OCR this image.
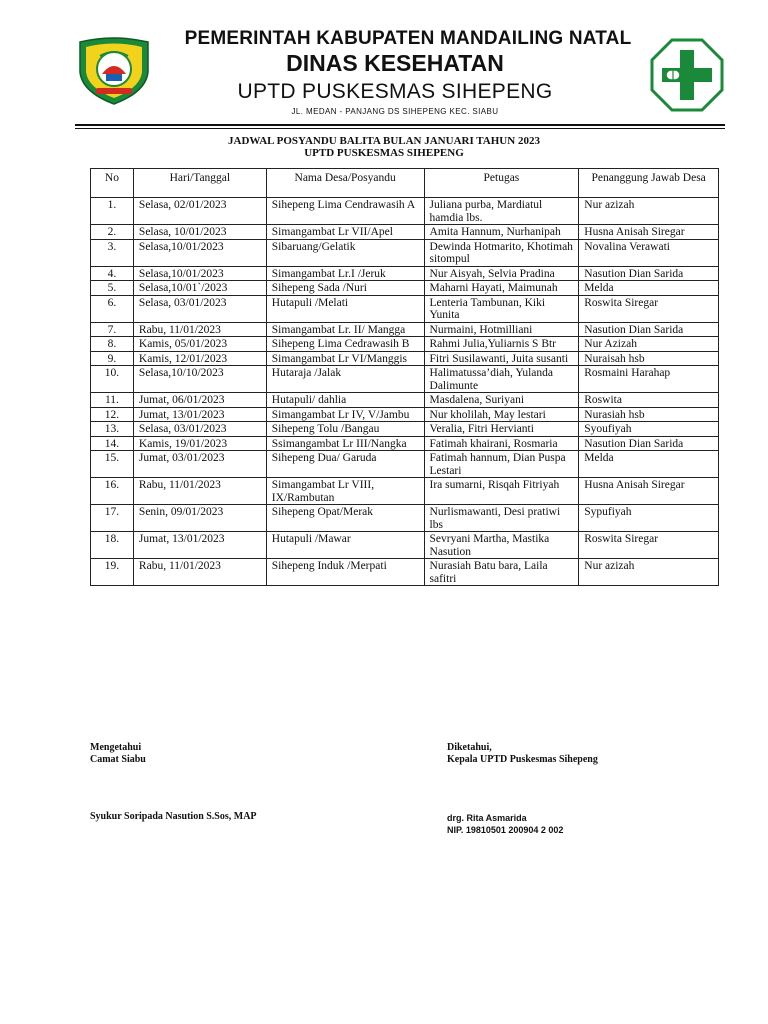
PEMERINTAH KABUPATEN MANDAILING NATAL
DINAS KESEHATAN
UPTD PUSKESMAS SIHEPENG
JL. MEDAN - PANJANG DS SIHEPENG KEC. SIABU
JADWAL POSYANDU BALITA BULAN JANUARI TAHUN 2023
UPTD PUSKESMAS SIHEPENG
No	Hari/Tanggal	Nama Desa/Posyandu	Petugas	Penanggung Jawab Desa
1.	Selasa, 02/01/2023	Sihepeng Lima Cendrawasih A	Juliana purba, Mardiatul hamdia lbs.	Nur azizah
2.	Selasa, 10/01/2023	Simangambat Lr VII/Apel	Amita Hannum, Nurhanipah	Husna Anisah Siregar
3.	Selasa,10/01/2023	Sibaruang/Gelatik	Dewinda Hotmarito, Khotimah sitompul	Novalina Verawati
4.	Selasa,10/01/2023	Simangambat Lr.I /Jeruk	Nur Aisyah, Selvia Pradina	Nasution Dian Sarida
5.	Selasa,10/01`/2023	Sihepeng Sada /Nuri	Maharni Hayati, Maimunah	Melda
6.	Selasa, 03/01/2023	Hutapuli /Melati	Lenteria Tambunan, Kiki Yunita	Roswita Siregar
7.	Rabu, 11/01/2023	Simangambat Lr. II/ Mangga	Nurmaini, Hotmilliani	Nasution Dian Sarida
8.	Kamis, 05/01/2023	Sihepeng Lima Cedrawasih B	Rahmi Julia,Yuliarnis S Btr	Nur Azizah
9.	Kamis, 12/01/2023	Simangambat Lr VI/Manggis	Fitri Susilawanti, Juita susanti	Nuraisah hsb
10.	Selasa,10/10/2023	Hutaraja /Jalak	Halimatussa’diah, Yulanda Dalimunte	Rosmaini Harahap
11.	Jumat, 06/01/2023	Hutapuli/ dahlia	Masdalena, Suriyani	Roswita
12.	Jumat, 13/01/2023	Simangambat Lr IV, V/Jambu	Nur kholilah, May lestari	Nurasiah hsb
13.	Selasa, 03/01/2023	Sihepeng Tolu /Bangau	Veralia, Fitri Hervianti	Syoufiyah
14.	Kamis, 19/01/2023	Ssimangambat Lr III/Nangka	Fatimah khairani, Rosmaria	Nasution Dian Sarida
15.	Jumat, 03/01/2023	Sihepeng Dua/ Garuda	Fatimah hannum, Dian Puspa Lestari	Melda
16.	Rabu, 11/01/2023	Simangambat Lr VIII, IX/Rambutan	Ira sumarni, Risqah Fitriyah	Husna Anisah Siregar
17.	Senin, 09/01/2023	Sihepeng Opat/Merak	Nurlismawanti, Desi pratiwi lbs	Sypufiyah
18.	Jumat, 13/01/2023	Hutapuli /Mawar	Sevryani Martha, Mastika Nasution	Roswita Siregar
19.	Rabu, 11/01/2023	Sihepeng Induk /Merpati	Nurasiah Batu bara, Laila safitri	Nur azizah
Mengetahui
Camat Siabu
Syukur Soripada Nasution S.Sos, MAP
Diketahui,
Kepala UPTD Puskesmas Sihepeng
drg. Rita Asmarida
NIP. 19810501 200904 2 002
